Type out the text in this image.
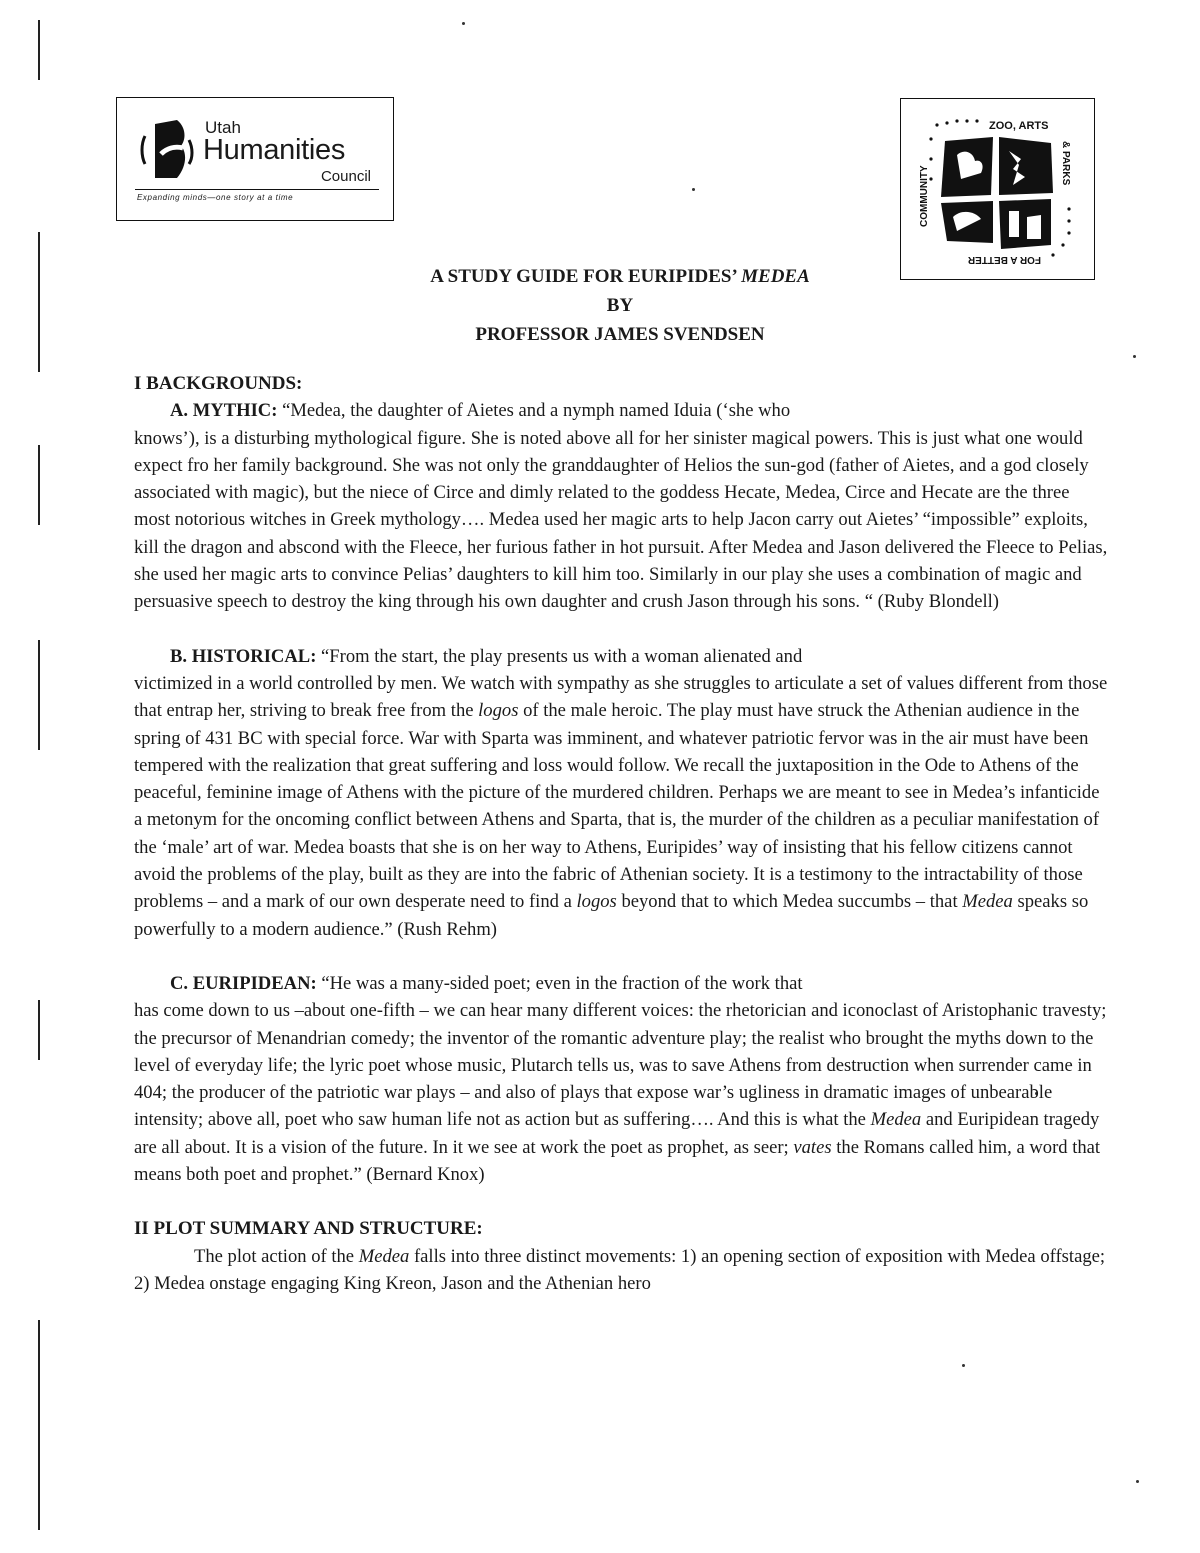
Utah
Humanities
Council
Expanding minds—one story at a time
ZOO, ARTS
& PARKS
COMMUNITY
FOR A BETTER
A STUDY GUIDE FOR EURIPIDES’ MEDEA
BY
PROFESSOR JAMES SVENDSEN

I BACKGROUNDS:

A. MYTHIC: “Medea, the daughter of Aietes and a nymph named Iduia (‘she who
knows’), is a disturbing mythological figure. She is noted above all for her sinister magical powers. This is just what one would expect fro her family background. She was not only the granddaughter of Helios the sun-god (father of Aietes, and a god closely associated with magic), but the niece of Circe and dimly related to the goddess Hecate, Medea, Circe and Hecate are the three most notorious witches in Greek mythology…. Medea used her magic arts to help Jacon carry out Aietes’ “impossible” exploits, kill the dragon and abscond with the Fleece, her furious father in hot pursuit. After Medea and Jason delivered the Fleece to Pelias, she used her magic arts to convince Pelias’ daughters to kill him too. Similarly in our play she uses a combination of magic and persuasive speech to destroy the king through his own daughter and crush Jason through his sons. “ (Ruby Blondell)

B. HISTORICAL: “From the start, the play presents us with a woman alienated and
victimized in a world controlled by men. We watch with sympathy as she struggles to articulate a set of values different from those that entrap her, striving to break free from the logos of the male heroic. The play must have struck the Athenian audience in the spring of 431 BC with special force. War with Sparta was imminent, and whatever patriotic fervor was in the air must have been tempered with the realization that great suffering and loss would follow. We recall the juxtaposition in the Ode to Athens of the peaceful, feminine image of Athens with the picture of the murdered children. Perhaps we are meant to see in Medea’s infanticide a metonym for the oncoming conflict between Athens and Sparta, that is, the murder of the children as a peculiar manifestation of the ‘male’ art of war. Medea boasts that she is on her way to Athens, Euripides’ way of insisting that his fellow citizens cannot avoid the problems of the play, built as they are into the fabric of Athenian society. It is a testimony to the intractability of those problems – and a mark of our own desperate need to find a logos beyond that to which Medea succumbs – that Medea speaks so powerfully to a modern audience.” (Rush Rehm)

C. EURIPIDEAN: “He was a many-sided poet; even in the fraction of the work that
has come down to us –about one-fifth – we can hear many different voices: the rhetorician and iconoclast of Aristophanic travesty; the precursor of Menandrian comedy; the inventor of the romantic adventure play; the realist who brought the myths down to the level of everyday life; the lyric poet whose music, Plutarch tells us, was to save Athens from destruction when surrender came in 404; the producer of the patriotic war plays – and also of plays that expose war’s ugliness in dramatic images of unbearable intensity; above all, poet who saw human life not as action but as suffering…. And this is what the Medea and Euripidean tragedy are all about. It is a vision of the future. In it we see at work the poet as prophet, as seer; vates the Romans called him, a word that means both poet and prophet.” (Bernard Knox)

II PLOT SUMMARY AND STRUCTURE:

The plot action of the Medea falls into three distinct movements: 1) an opening section of exposition with Medea offstage; 2) Medea onstage engaging King Kreon, Jason and the Athenian hero
